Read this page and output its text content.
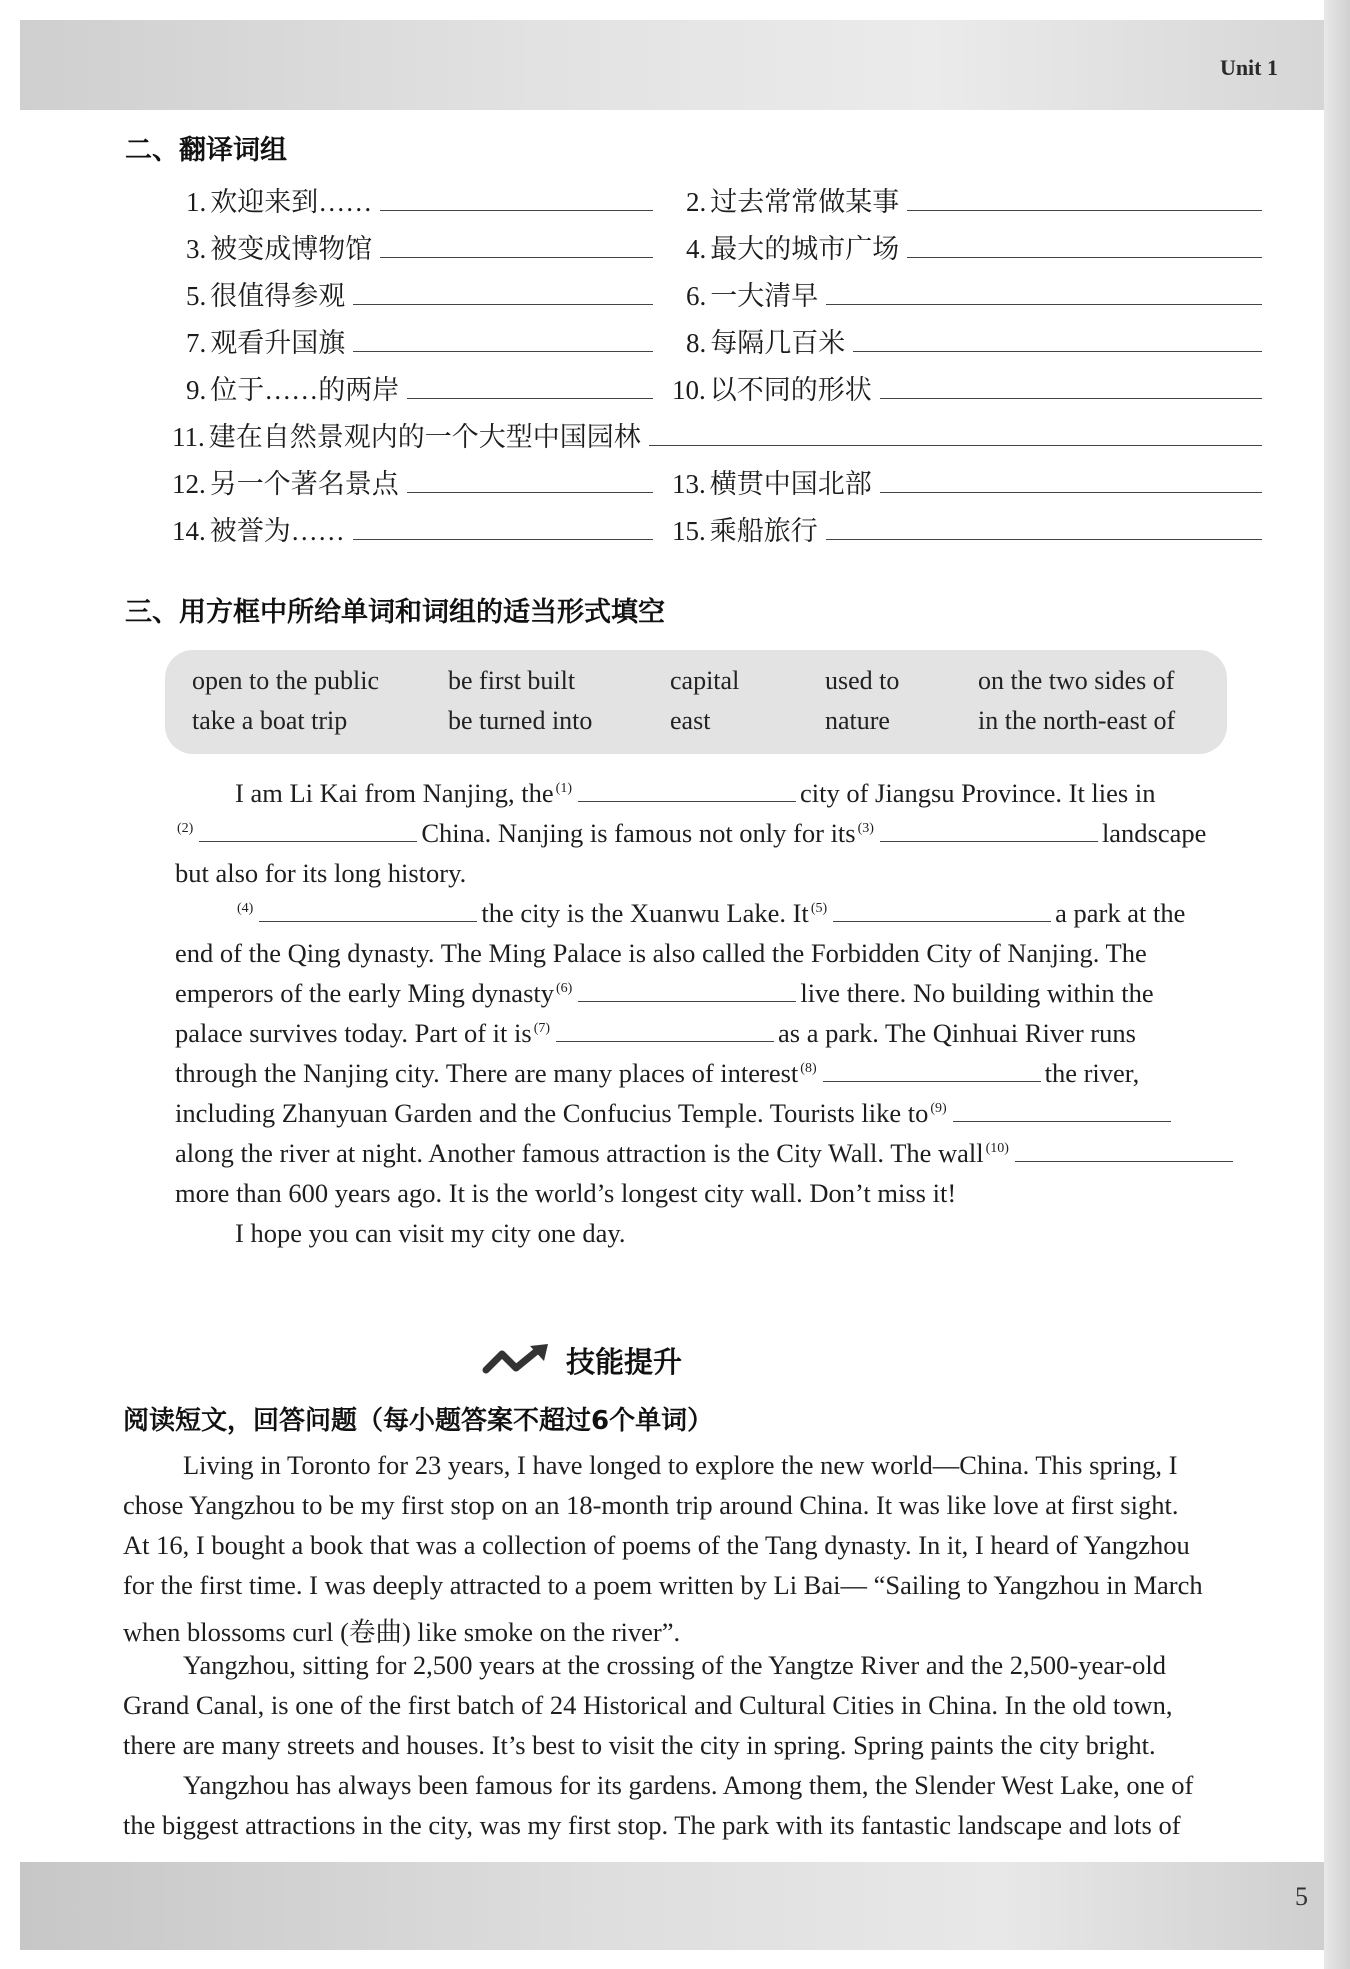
Unit 1
二、翻译词组
1. 欢迎来到……	2. 过去常常做某事
3. 被变成博物馆	4. 最大的城市广场
5. 很值得参观	6. 一大清早
7. 观看升国旗	8. 每隔几百米
9. 位于……的两岸	10. 以不同的形状
11. 建在自然景观内的一个大型中国园林
12. 另一个著名景点	13. 横贯中国北部
14. 被誉为……	15. 乘船旅行
三、用方框中所给单词和词组的适当形式填空
open to the public	be first built	capital	used to	on the two sides of
take a boat trip	be turned into	east	nature	in the north-east of
I am Li Kai from Nanjing, the $^{(1)}$	city of Jiangsu Province. It lies in
$^{(2)}$	China. Nanjing is famous not only for its $^{(3)}$	landscape
but also for its long history.
$^{(4)}$	the city is the Xuanwu Lake. It $^{(5)}$	a park at the
end of the Qing dynasty. The Ming Palace is also called the Forbidden City of Nanjing. The
emperors of the early Ming dynasty $^{(6)}$	live there. No building within the
palace survives today. Part of it is $^{(7)}$	as a park. The Qinhuai River runs
through the Nanjing city. There are many places of interest $^{(8)}$	the river,
including Zhanyuan Garden and the Confucius Temple. Tourists like to $^{(9)}$
along the river at night. Another famous attraction is the City Wall. The wall $^{(10)}$
more than 600 years ago. It is the world’s longest city wall. Don’t miss it!
I hope you can visit my city one day.
技能提升
阅读短文，回答问题（每小题答案不超过6个单词）
Living in Toronto for 23 years, I have longed to explore the new world—China. This spring, I
chose Yangzhou to be my first stop on an 18-month trip around China. It was like love at first sight.
At 16, I bought a book that was a collection of poems of the Tang dynasty. In it, I heard of Yangzhou
for the first time. I was deeply attracted to a poem written by Li Bai— “Sailing to Yangzhou in March
when blossoms curl (卷曲) like smoke on the river”.
Yangzhou, sitting for 2,500 years at the crossing of the Yangtze River and the 2,500-year-old
Grand Canal, is one of the first batch of 24 Historical and Cultural Cities in China. In the old town,
there are many streets and houses. It’s best to visit the city in spring. Spring paints the city bright.
Yangzhou has always been famous for its gardens. Among them, the Slender West Lake, one of
the biggest attractions in the city, was my first stop. The park with its fantastic landscape and lots of
5
